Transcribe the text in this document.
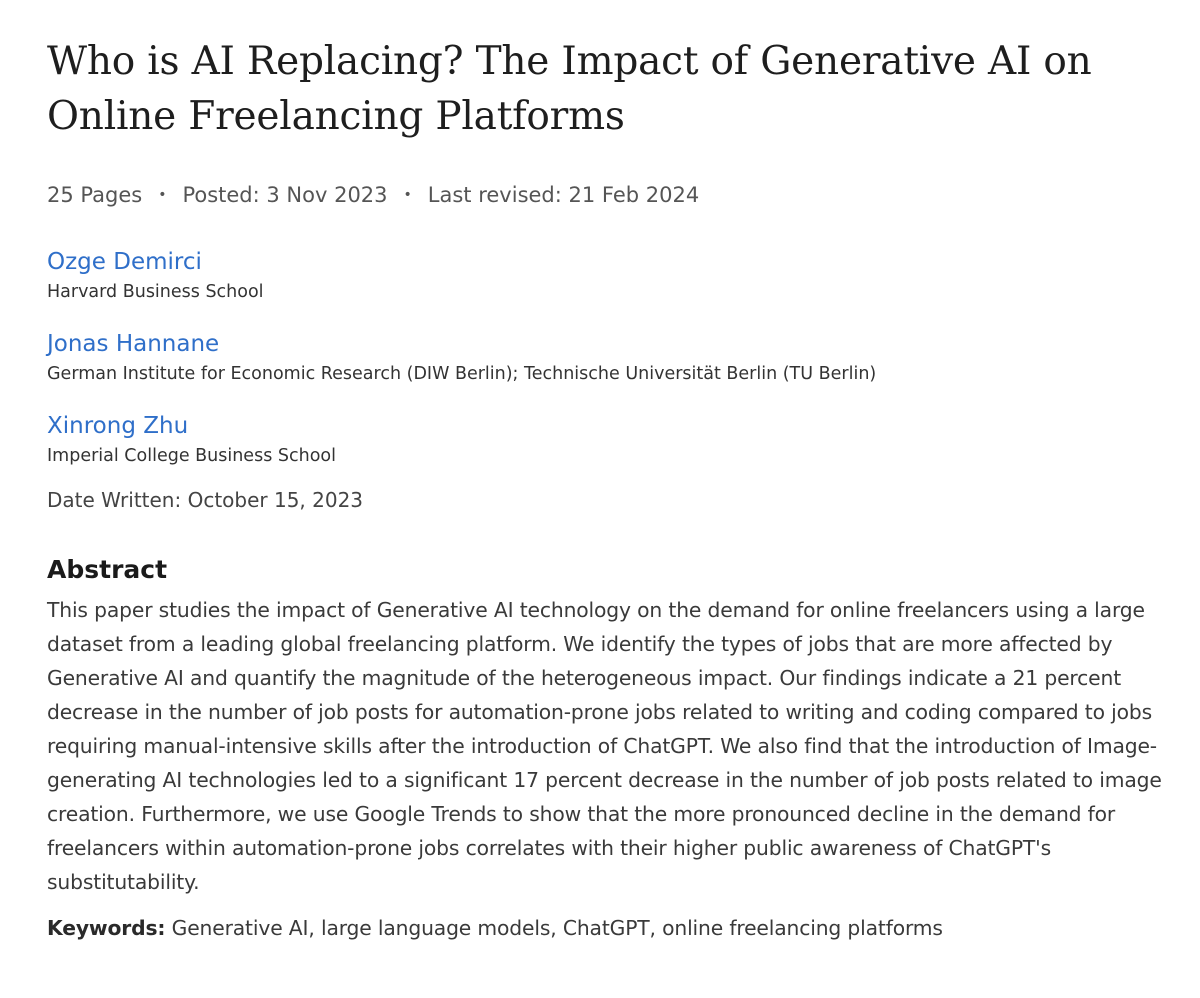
Who is AI Replacing? The Impact of Generative AI on Online Freelancing Platforms
25 Pages • Posted: 3 Nov 2023 • Last revised: 21 Feb 2024
Ozge Demirci
Harvard Business School
Jonas Hannane
German Institute for Economic Research (DIW Berlin); Technische Universität Berlin (TU Berlin)
Xinrong Zhu
Imperial College Business School
Date Written: October 15, 2023
Abstract

This paper studies the impact of Generative AI technology on the demand for online freelancers using a large dataset from a leading global freelancing platform. We identify the types of jobs that are more affected by Generative AI and quantify the magnitude of the heterogeneous impact. Our findings indicate a 21 percent decrease in the number of job posts for automation-prone jobs related to writing and coding compared to jobs requiring manual-intensive skills after the introduction of ChatGPT. We also find that the introduction of Image-generating AI technologies led to a significant 17 percent decrease in the number of job posts related to image creation. Furthermore, we use Google Trends to show that the more pronounced decline in the demand for freelancers within automation-prone jobs correlates with their higher public awareness of ChatGPT's substitutability.

Keywords: Generative AI, large language models, ChatGPT, online freelancing platforms
